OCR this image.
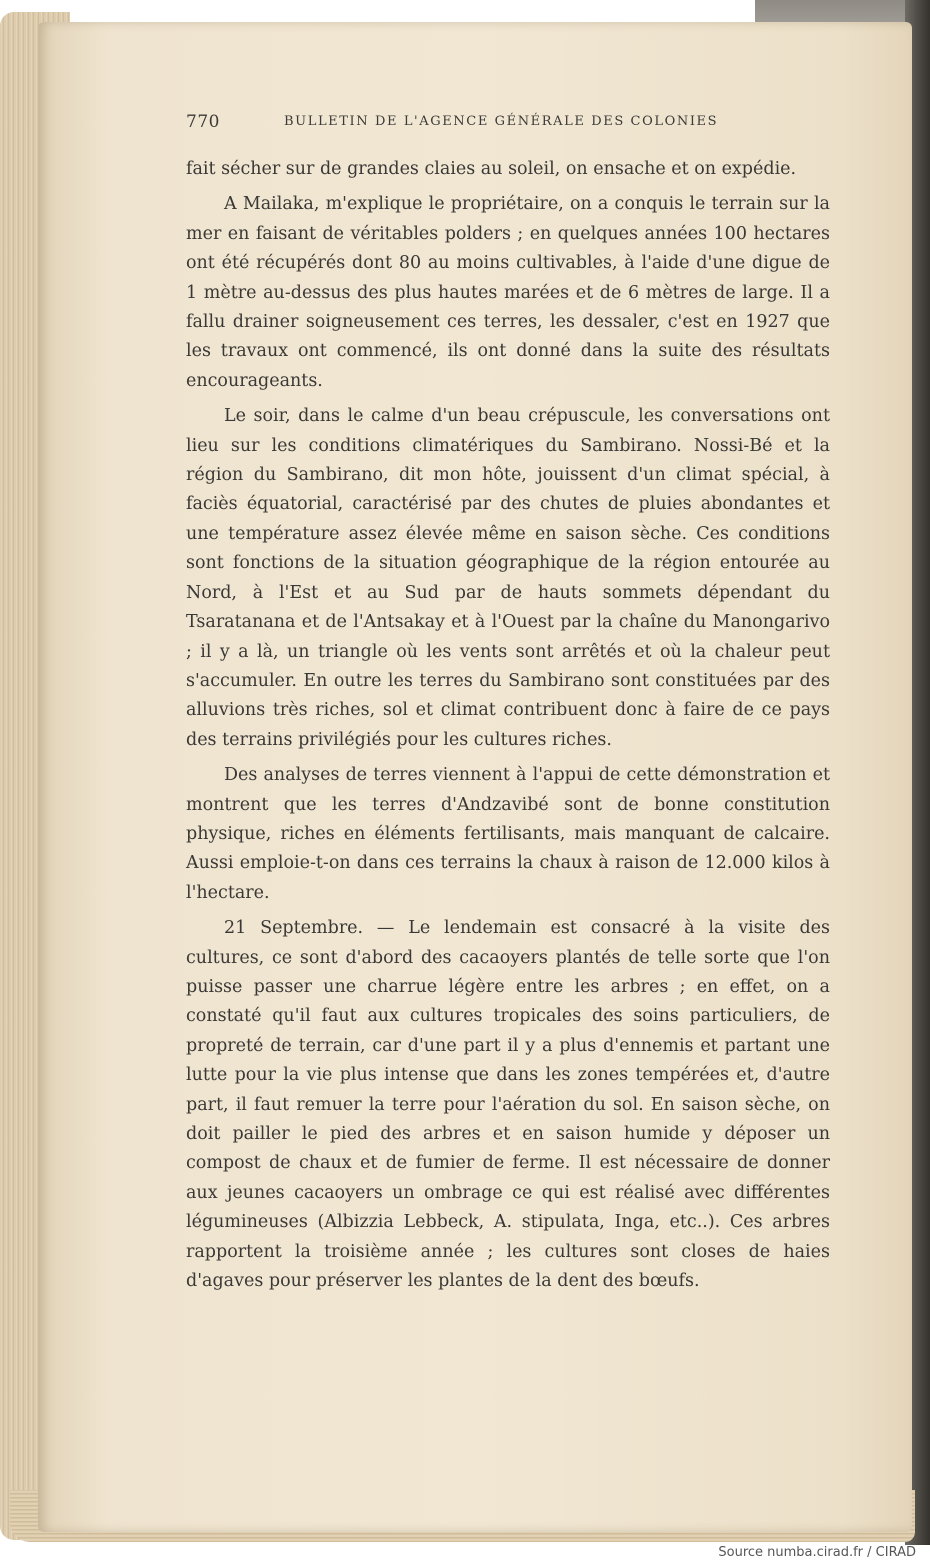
770	BULLETIN DE L'AGENCE GÉNÉRALE DES COLONIES

fait sécher sur de grandes claies au soleil, on ensache et on expédie.

A Mailaka, m'explique le propriétaire, on a conquis le terrain sur la mer en faisant de véritables polders ; en quelques années 100 hectares ont été récupérés dont 80 au moins cultivables, à l'aide d'une digue de 1 mètre au-dessus des plus hautes marées et de 6 mètres de large. Il a fallu drainer soigneusement ces terres, les dessaler, c'est en 1927 que les travaux ont commencé, ils ont donné dans la suite des résultats encourageants.

Le soir, dans le calme d'un beau crépuscule, les conversations ont lieu sur les conditions climatériques du Sambirano. Nossi-Bé et la région du Sambirano, dit mon hôte, jouissent d'un climat spécial, à faciès équatorial, caractérisé par des chutes de pluies abondantes et une température assez élevée même en saison sèche. Ces conditions sont fonctions de la situation géographique de la région entourée au Nord, à l'Est et au Sud par de hauts sommets dépendant du Tsaratanana et de l'Antsakay et à l'Ouest par la chaîne du Manongarivo ; il y a là, un triangle où les vents sont arrêtés et où la chaleur peut s'accumuler. En outre les terres du Sambirano sont constituées par des alluvions très riches, sol et climat contribuent donc à faire de ce pays des terrains privilégiés pour les cultures riches.

Des analyses de terres viennent à l'appui de cette démonstration et montrent que les terres d'Andzavibé sont de bonne constitution physique, riches en éléments fertilisants, mais manquant de calcaire. Aussi emploie-t-on dans ces terrains la chaux à raison de 12.000 kilos à l'hectare.

21 Septembre. — Le lendemain est consacré à la visite des cultures, ce sont d'abord des cacaoyers plantés de telle sorte que l'on puisse passer une charrue légère entre les arbres ; en effet, on a constaté qu'il faut aux cultures tropicales des soins particuliers, de propreté de terrain, car d'une part il y a plus d'ennemis et partant une lutte pour la vie plus intense que dans les zones tempérées et, d'autre part, il faut remuer la terre pour l'aération du sol. En saison sèche, on doit pailler le pied des arbres et en saison humide y déposer un compost de chaux et de fumier de ferme. Il est nécessaire de donner aux jeunes cacaoyers un ombrage ce qui est réalisé avec différentes légumineuses (Albizzia Lebbeck, A. stipulata, Inga, etc..). Ces arbres rapportent la troisième année ; les cultures sont closes de haies d'agaves pour préserver les plantes de la dent des bœufs.

Source numba.cirad.fr / CIRAD
